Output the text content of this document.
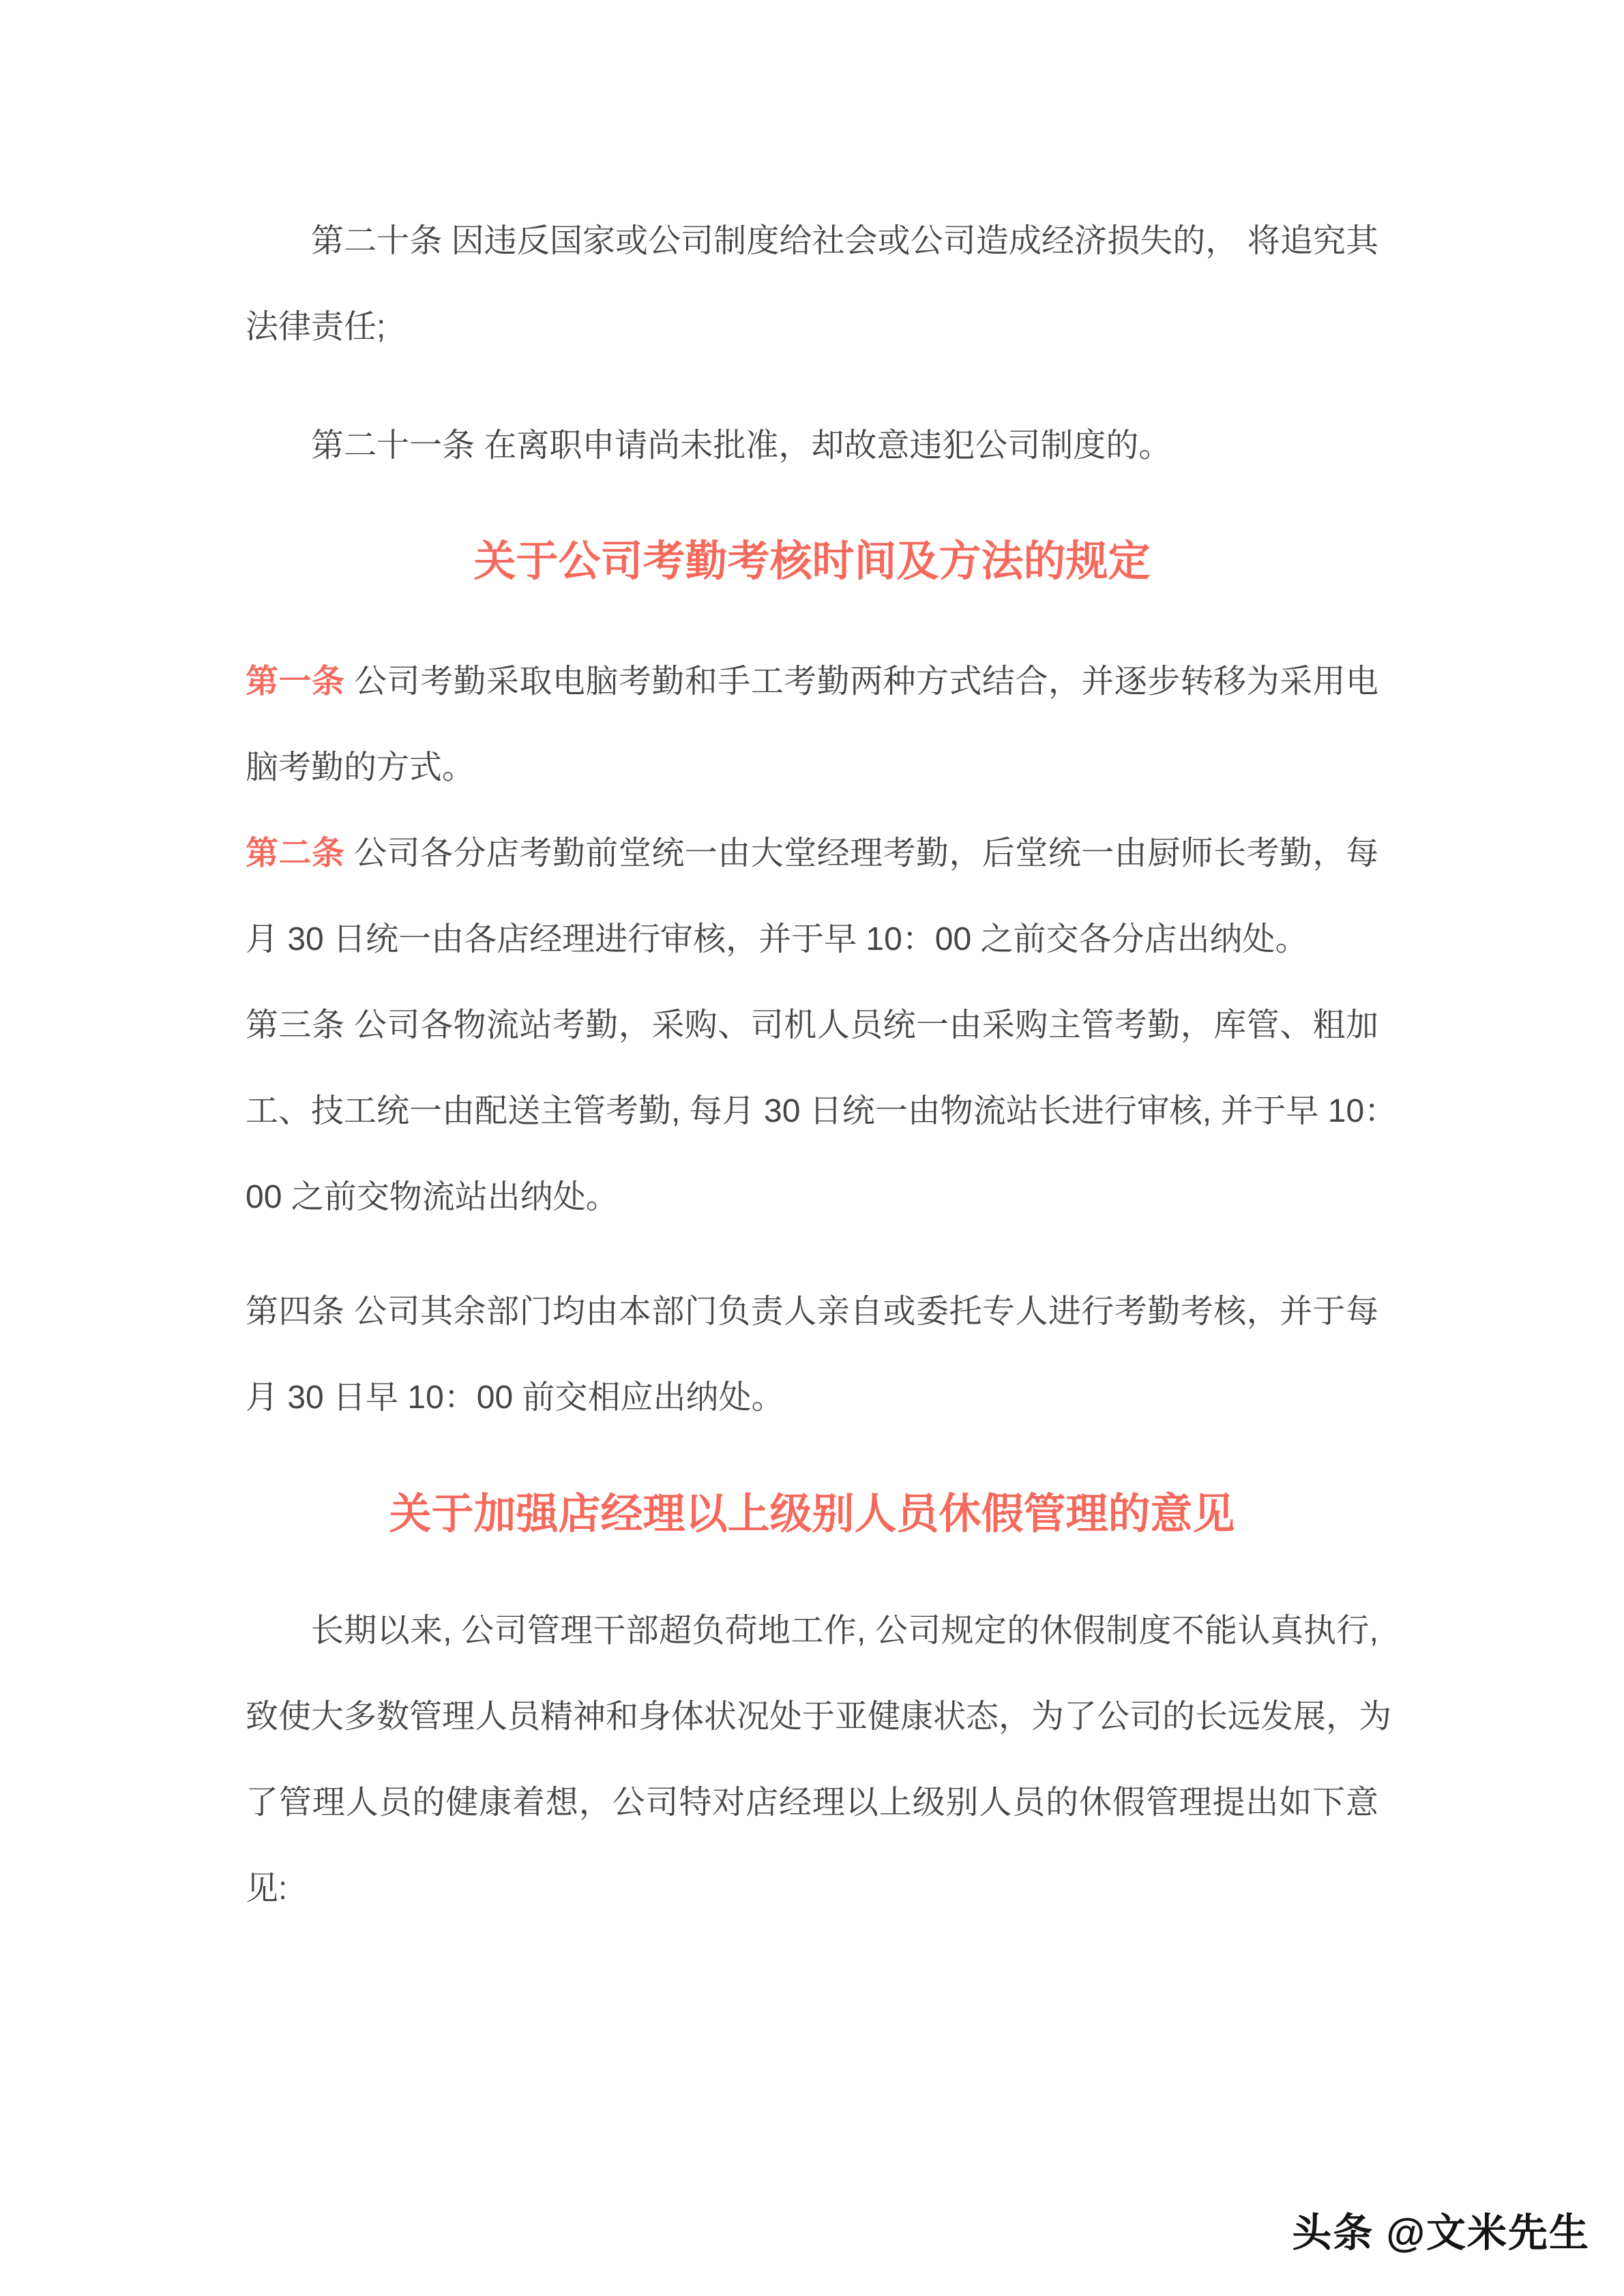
第二十条 因违反国家或公司制度给社会或公司造成经济损失的， 将追究其
法律责任;
第二十一条 在离职申请尚未批准，却故意违犯公司制度的。
关于公司考勤考核时间及方法的规定
第一条 公司考勤采取电脑考勤和手工考勤两种方式结合，并逐步转移为采用电
脑考勤的方式。
第二条 公司各分店考勤前堂统一由大堂经理考勤，后堂统一由厨师长考勤，每
月 30 日统一由各店经理进行审核，并于早 10：00 之前交各分店出纳处。
第三条 公司各物流站考勤，采购、司机人员统一由采购主管考勤，库管、粗加
工、技工统一由配送主管考勤, 每月 30 日统一由物流站长进行审核, 并于早 10：
00 之前交物流站出纳处。
第四条 公司其余部门均由本部门负责人亲自或委托专人进行考勤考核，并于每
月 30 日早 10：00 前交相应出纳处。
关于加强店经理以上级别人员休假管理的意见
长期以来, 公司管理干部超负荷地工作, 公司规定的休假制度不能认真执行,
致使大多数管理人员精神和身体状况处于亚健康状态，为了公司的长远发展，为
了管理人员的健康着想，公司特对店经理以上级别人员的休假管理提出如下意
见:
头条 @文米先生
